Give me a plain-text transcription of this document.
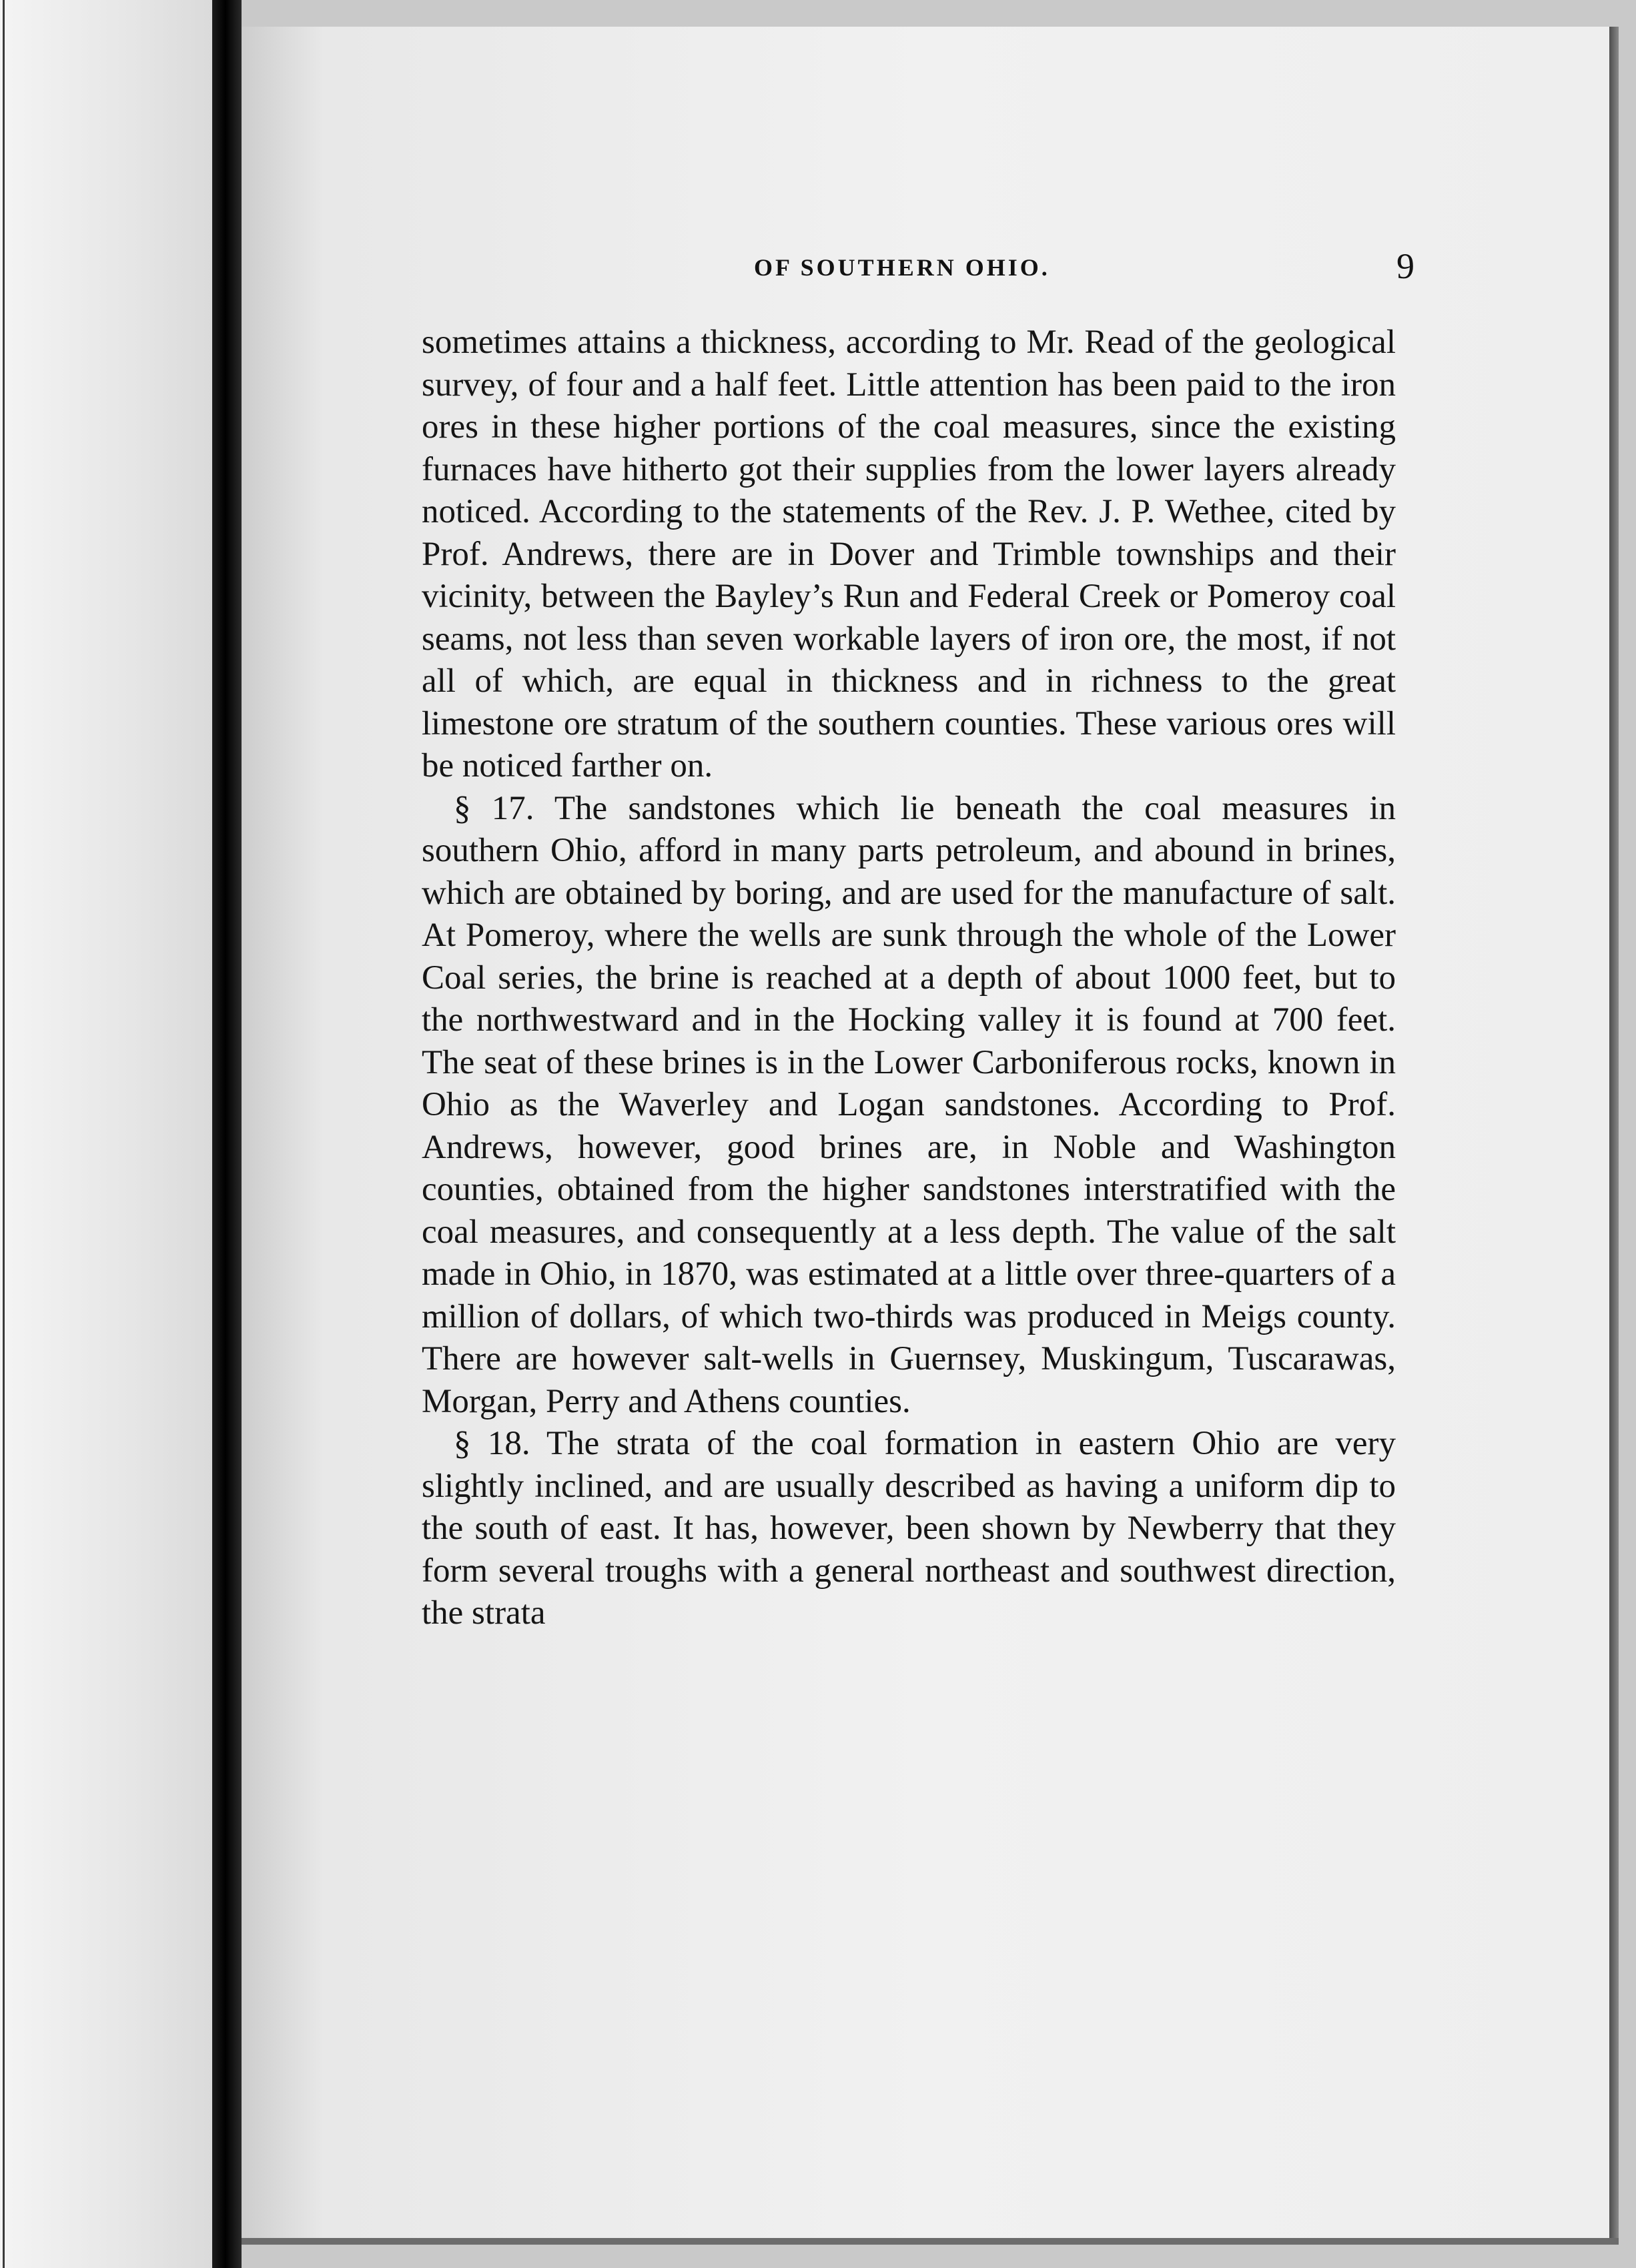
OF SOUTHERN OHIO.	9

sometimes attains a thickness, according to Mr. Read of the geological survey, of four and a half feet. Little attention has been paid to the iron ores in these higher portions of the coal measures, since the existing furnaces have hitherto got their supplies from the lower layers already noticed. According to the statements of the Rev. J. P. Wethee, cited by Prof. Andrews, there are in Dover and Trimble townships and their vicinity, between the Bayley’s Run and Federal Creek or Pomeroy coal seams, not less than seven workable layers of iron ore, the most, if not all of which, are equal in thickness and in richness to the great limestone ore stratum of the southern counties. These various ores will be noticed farther on.

§ 17. The sandstones which lie beneath the coal measures in southern Ohio, afford in many parts petroleum, and abound in brines, which are obtained by boring, and are used for the manufacture of salt. At Pomeroy, where the wells are sunk through the whole of the Lower Coal series, the brine is reached at a depth of about 1000 feet, but to the northwestward and in the Hocking valley it is found at 700 feet. The seat of these brines is in the Lower Carboniferous rocks, known in Ohio as the Waverley and Logan sandstones. According to Prof. Andrews, however, good brines are, in Noble and Washington counties, obtained from the higher sandstones interstratified with the coal measures, and consequently at a less depth. The value of the salt made in Ohio, in 1870, was estimated at a little over three-quarters of a million of dollars, of which two-thirds was produced in Meigs county. There are however salt-wells in Guernsey, Muskingum, Tuscarawas, Morgan, Perry and Athens counties.

§ 18. The strata of the coal formation in eastern Ohio are very slightly inclined, and are usually described as having a uniform dip to the south of east. It has, however, been shown by Newberry that they form several troughs with a general northeast and southwest direction, the strata
